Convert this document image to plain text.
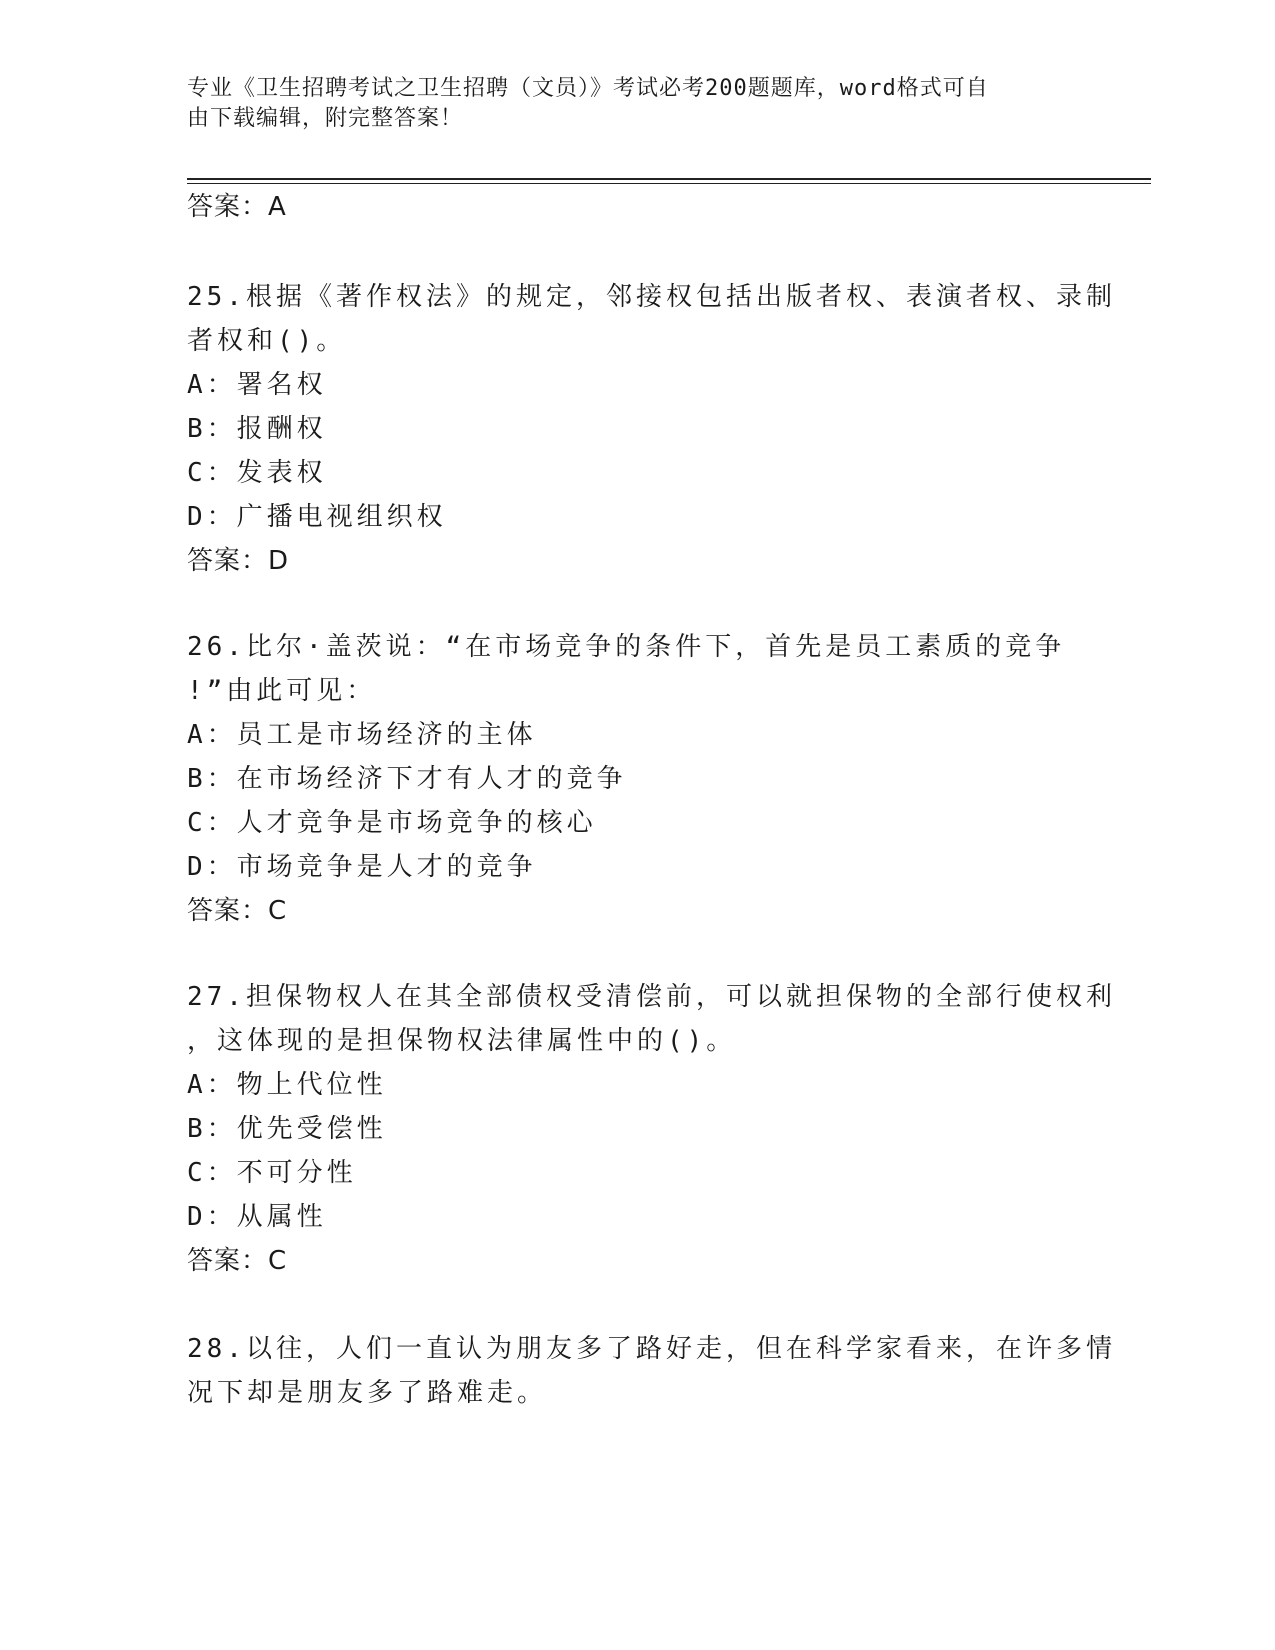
专业《卫生招聘考试之卫生招聘（文员）》考试必考200题题库，word格式可自
由下载编辑，附完整答案！
答案：A
25.根据《著作权法》的规定，邻接权包括出版者权、表演者权、录制
者权和()。
A：署名权
B：报酬权
C：发表权
D：广播电视组织权
答案：D
26.比尔·盖茨说：“在市场竞争的条件下，首先是员工素质的竞争
!”由此可见：
A：员工是市场经济的主体
B：在市场经济下才有人才的竞争
C：人才竞争是市场竞争的核心
D：市场竞争是人才的竞争
答案：C
27.担保物权人在其全部债权受清偿前，可以就担保物的全部行使权利
，这体现的是担保物权法律属性中的()。
A：物上代位性
B：优先受偿性
C：不可分性
D：从属性
答案：C
28.以往，人们一直认为朋友多了路好走，但在科学家看来，在许多情
况下却是朋友多了路难走。
